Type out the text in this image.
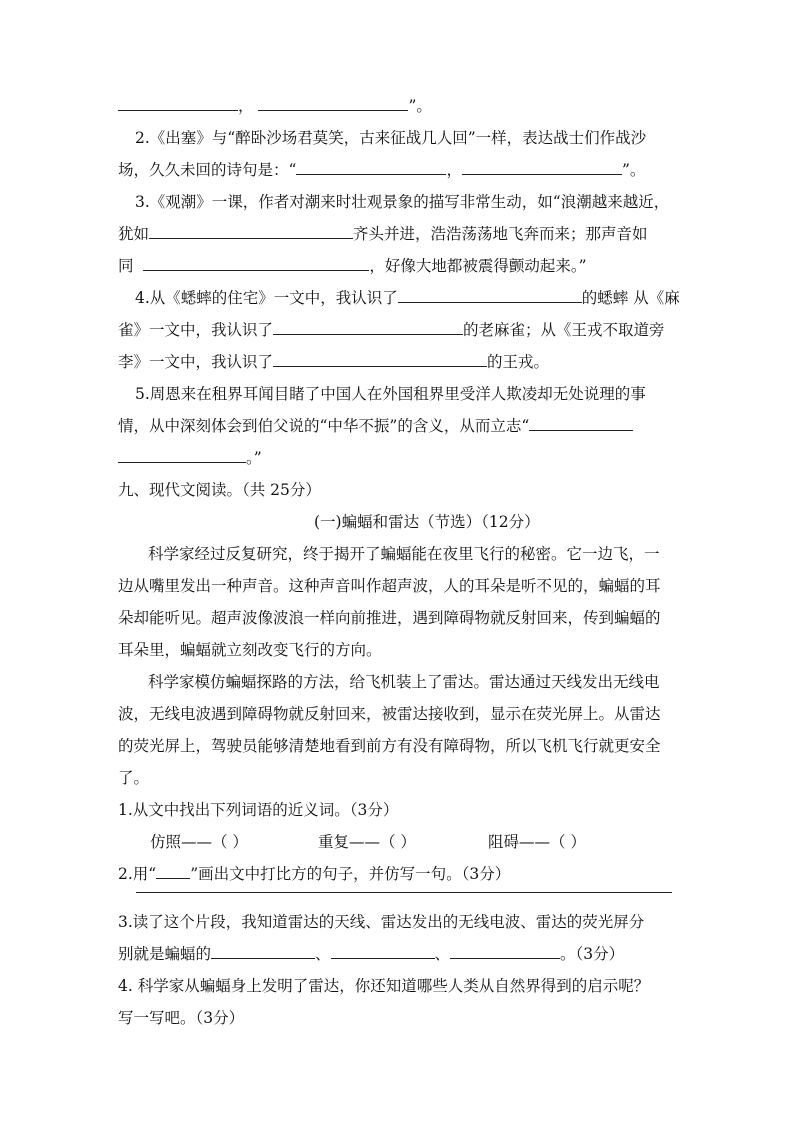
，	”。
2.《出塞》与“醉卧沙场君莫笑，古来征战几人回”一样，表达战士们作战沙
场，久久未回的诗句是：“	，	”。
3.《观潮》一课，作者对潮来时壮观景象的描写非常生动，如“浪潮越来越近，
犹如	齐头并进，浩浩荡荡地飞奔而来；那声音如
同	，好像大地都被震得颤动起来。”
4.从《蟋蟀的住宅》一文中，我认识了	的蟋蟀 从《麻
雀》一文中，我认识了	的老麻雀；从《王戎不取道旁
李》一文中，我认识了	的王戎。
5.周恩来在租界耳闻目睹了中国人在外国租界里受洋人欺凌却无处说理的事
情，从中深刻体会到伯父说的“中华不振”的含义，从而立志“
。”
九、现代文阅读。（共 25分）
(一)蝙蝠和雷达（节选）（12分）
科学家经过反复研究，终于揭开了蝙蝠能在夜里飞行的秘密。它一边飞，一
边从嘴里发出一种声音。这种声音叫作超声波，人的耳朵是听不见的，蝙蝠的耳
朵却能听见。超声波像波浪一样向前推进，遇到障碍物就反射回来，传到蝙蝠的
耳朵里，蝙蝠就立刻改变飞行的方向。
科学家模仿蝙蝠探路的方法，给飞机装上了雷达。雷达通过天线发出无线电
波，无线电波遇到障碍物就反射回来，被雷达接收到，显示在荧光屏上。从雷达
的荧光屏上，驾驶员能够清楚地看到前方有没有障碍物，所以飞机飞行就更安全
了。
1.从文中找出下列词语的近义词。（3分）
仿照——（ ）	重复——（ ）	阻碍——（ ）
2.用“ ”画出文中打比方的句子，并仿写一句。（3分）
3.读了这个片段，我知道雷达的天线、雷达发出的无线电波、雷达的荧光屏分
别就是蝙蝠的	、	、	。（3分）
4. 科学家从蝙蝠身上发明了雷达，你还知道哪些人类从自然界得到的启示呢？
写一写吧。（3分）
